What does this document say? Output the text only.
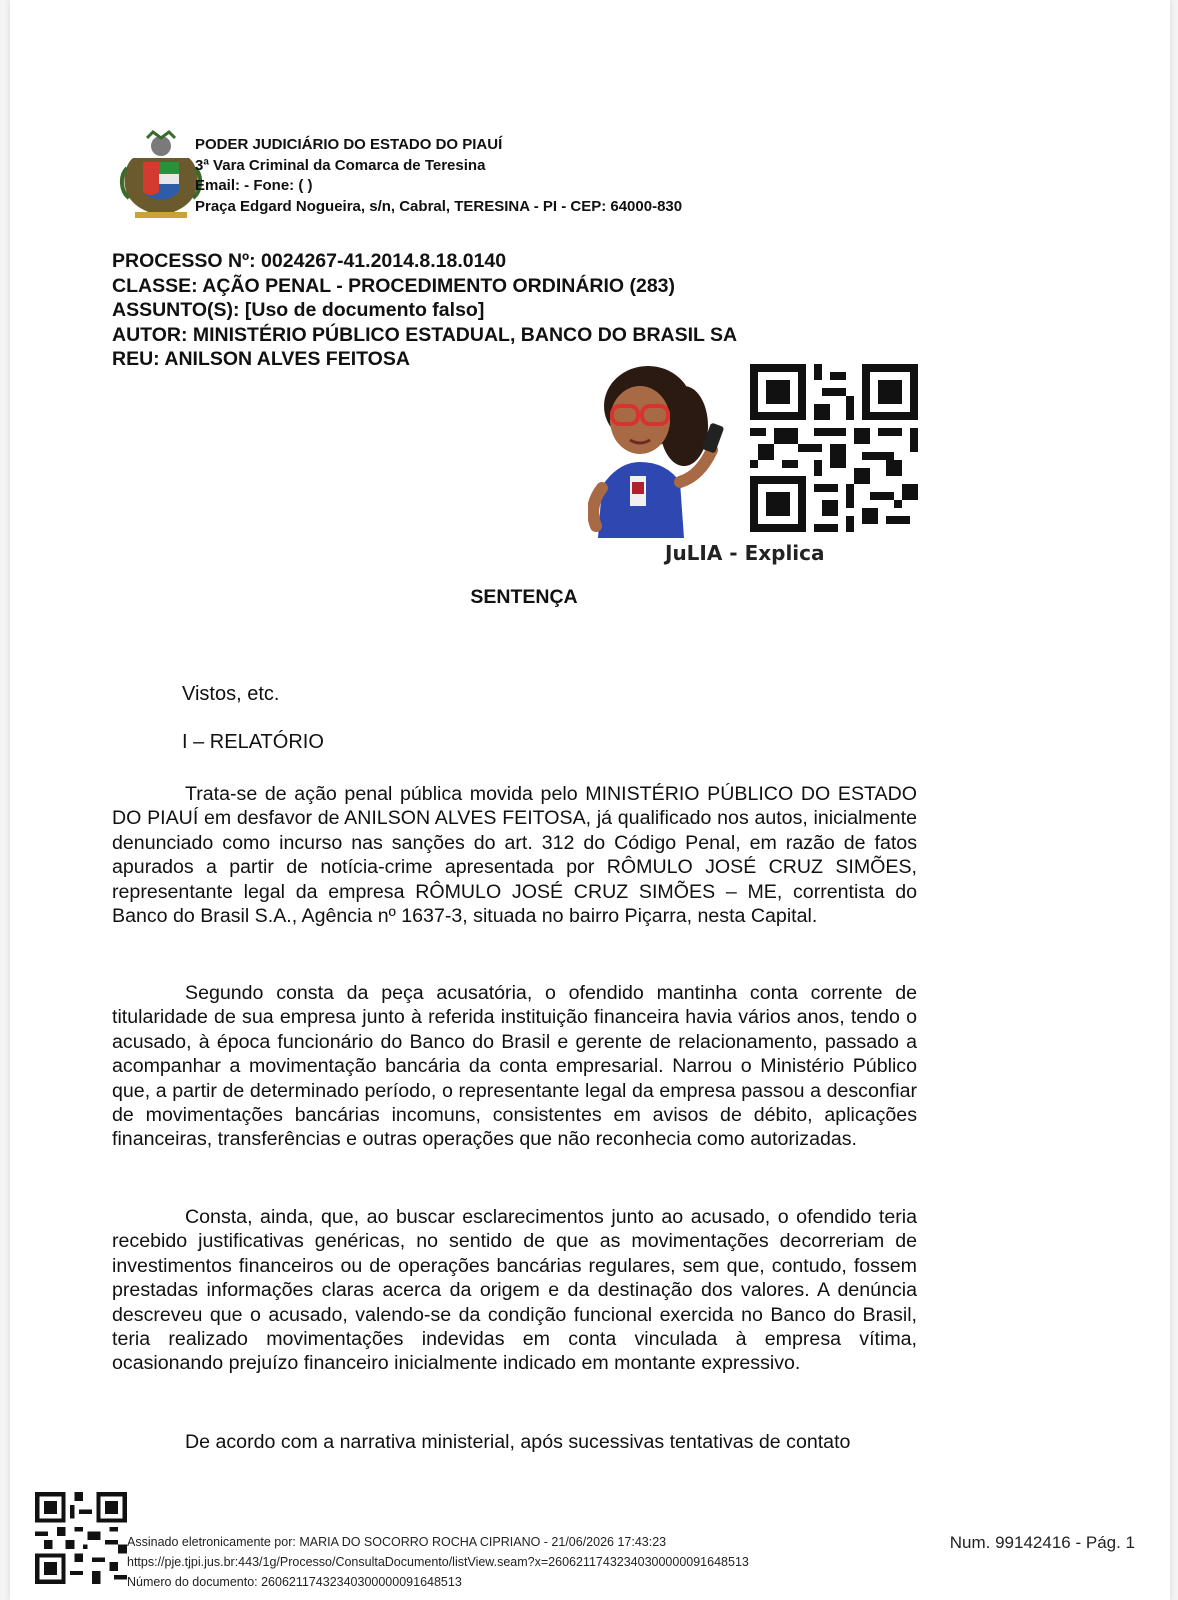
PODER JUDICIÁRIO DO ESTADO DO PIAUÍ
3ª Vara Criminal da Comarca de Teresina
Email: - Fone: ( )
Praça Edgard Nogueira, s/n, Cabral, TERESINA - PI - CEP: 64000-830
PROCESSO Nº: 0024267-41.2014.8.18.0140
CLASSE: AÇÃO PENAL - PROCEDIMENTO ORDINÁRIO (283)
ASSUNTO(S): [Uso de documento falso]
AUTOR: MINISTÉRIO PÚBLICO ESTADUAL, BANCO DO BRASIL SA
REU: ANILSON ALVES FEITOSA
JuLIA - Explica
SENTENÇA
Vistos, etc.
I – RELATÓRIO

Trata-se de ação penal pública movida pelo MINISTÉRIO PÚBLICO DO ESTADO DO PIAUÍ em desfavor de ANILSON ALVES FEITOSA, já qualificado nos autos, inicialmente denunciado como incurso nas sanções do art. 312 do Código Penal, em razão de fatos apurados a partir de notícia-crime apresentada por RÔMULO JOSÉ CRUZ SIMÕES, representante legal da empresa RÔMULO JOSÉ CRUZ SIMÕES – ME, correntista do Banco do Brasil S.A., Agência nº 1637-3, situada no bairro Piçarra, nesta Capital.

Segundo consta da peça acusatória, o ofendido mantinha conta corrente de titularidade de sua empresa junto à referida instituição financeira havia vários anos, tendo o acusado, à época funcionário do Banco do Brasil e gerente de relacionamento, passado a acompanhar a movimentação bancária da conta empresarial. Narrou o Ministério Público que, a partir de determinado período, o representante legal da empresa passou a desconfiar de movimentações bancárias incomuns, consistentes em avisos de débito, aplicações financeiras, transferências e outras operações que não reconhecia como autorizadas.

Consta, ainda, que, ao buscar esclarecimentos junto ao acusado, o ofendido teria recebido justificativas genéricas, no sentido de que as movimentações decorreriam de investimentos financeiros ou de operações bancárias regulares, sem que, contudo, fossem prestadas informações claras acerca da origem e da destinação dos valores. A denúncia descreveu que o acusado, valendo-se da condição funcional exercida no Banco do Brasil, teria realizado movimentações indevidas em conta vinculada à empresa vítima, ocasionando prejuízo financeiro inicialmente indicado em montante expressivo.

De acordo com a narrativa ministerial, após sucessivas tentativas de contato

Assinado eletronicamente por: MARIA DO SOCORRO ROCHA CIPRIANO - 21/06/2026 17:43:23
https://pje.tjpi.jus.br:443/1g/Processo/ConsultaDocumento/listView.seam?x=26062117432340300000091648513
Número do documento: 26062117432340300000091648513
Num. 99142416 - Pág. 1
